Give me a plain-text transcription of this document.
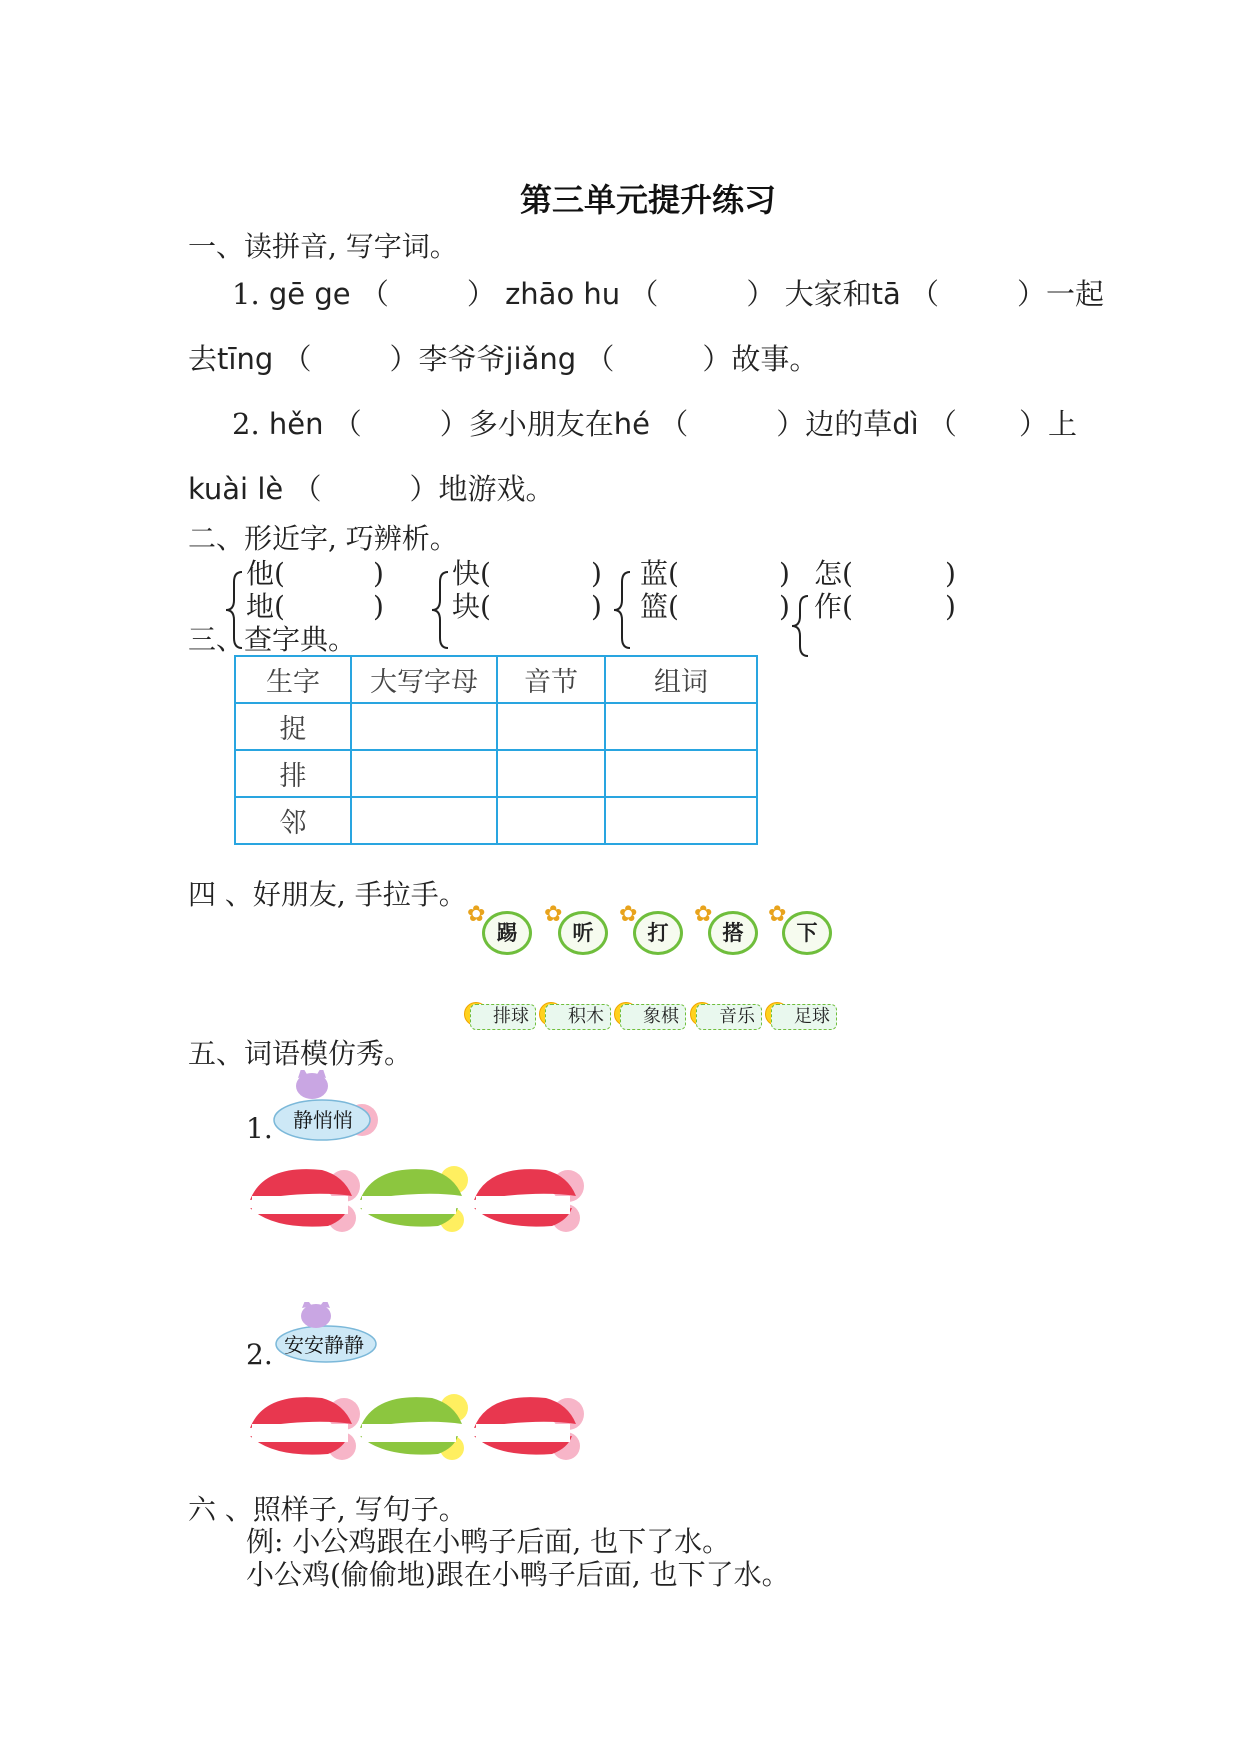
第三单元提升练习
一、读拼音, 写字词。
1. gē ge （	） zhāo hu （	） 大家和tā （	）一起
去tīng （	）李爷爷jiǎng （	）故事。
2. hěn （	）多小朋友在hé （	）边的草dì （ ）上
kuài lè （	）地游戏。
二、形近字, 巧辨析。
他(	)
地(	)
快(	)
块(	)
蓝(	)
篮(	)
怎(	)
作(	)
三、查字典。
生字	大写字母	音节	组词
捉			
排			
邻			
四 、好朋友, 手拉手。
✿
踢
✿
听
✿
打
✿
搭
✿
下
排球	积木	象棋	音乐	足球
五、词语模仿秀。
1. 静悄悄
2. 安安静静
六 、照样子, 写句子。
例: 小公鸡跟在小鸭子后面, 也下了水。
小公鸡(偷偷地)跟在小鸭子后面, 也下了水。
